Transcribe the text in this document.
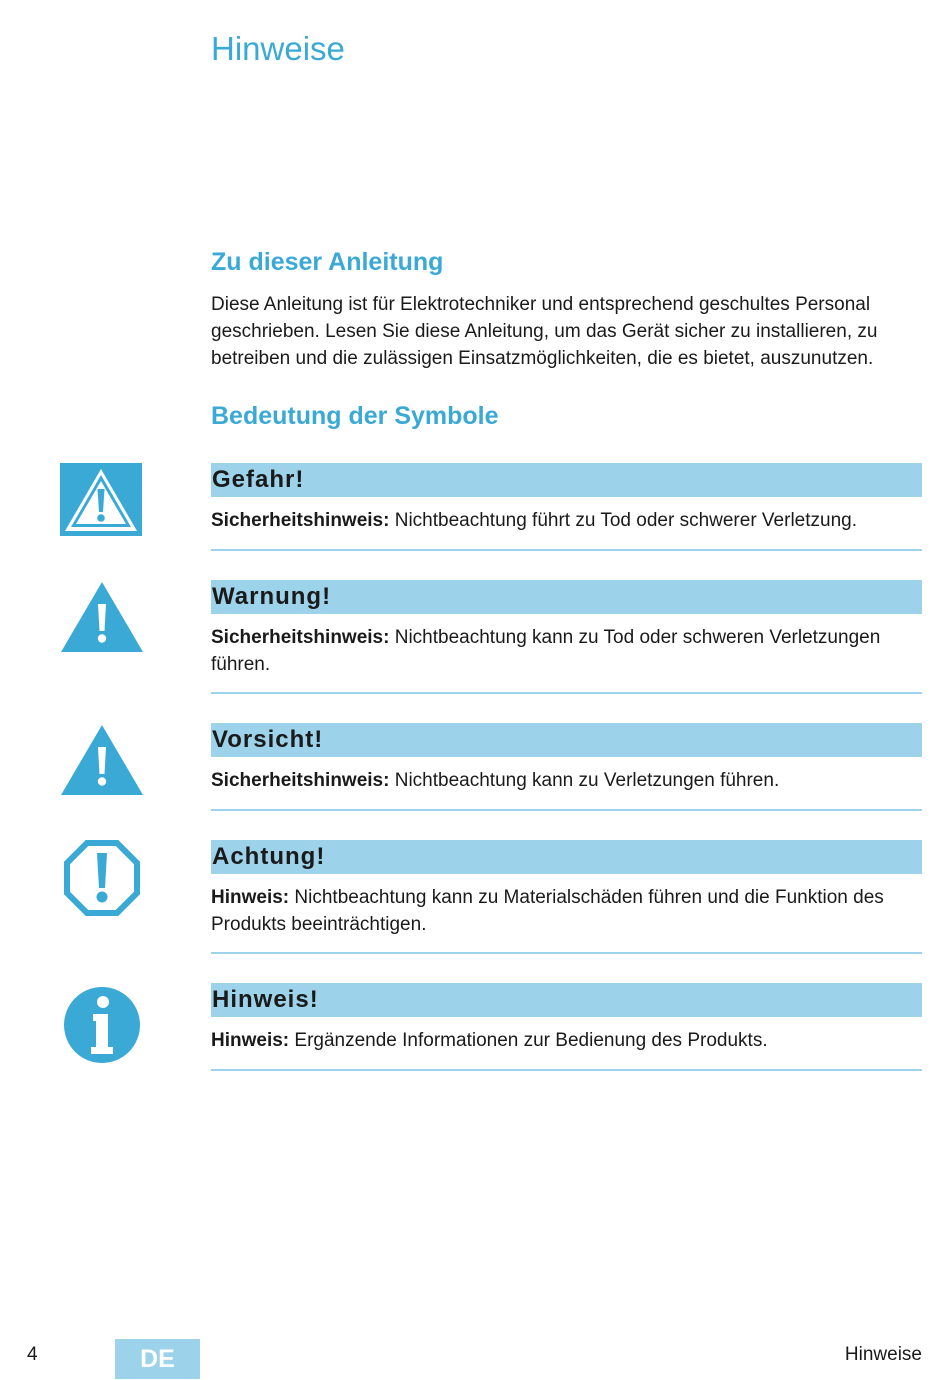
Hinweise
Zu dieser Anleitung

Diese Anleitung ist für Elektrotechniker und entsprechend geschultes Personal geschrieben. Lesen Sie diese Anleitung, um das Gerät sicher zu installieren, zu betreiben und die zulässigen Einsatzmöglichkeiten, die es bietet, auszunutzen.

Bedeutung der Symbole
Gefahr!

Sicherheitshinweis: Nichtbeachtung führt zu Tod oder schwerer Verletzung.

Warnung!

Sicherheitshinweis: Nichtbeachtung kann zu Tod oder schweren Verletzungen führen.

Vorsicht!

Sicherheitshinweis: Nichtbeachtung kann zu Verletzungen führen.

Achtung!

Hinweis: Nichtbeachtung kann zu Materialschäden führen und die Funktion des Produkts beeinträchtigen.

Hinweis!

Hinweis: Ergänzende Informationen zur Bedienung des Produkts.

4	DE	Hinweise
